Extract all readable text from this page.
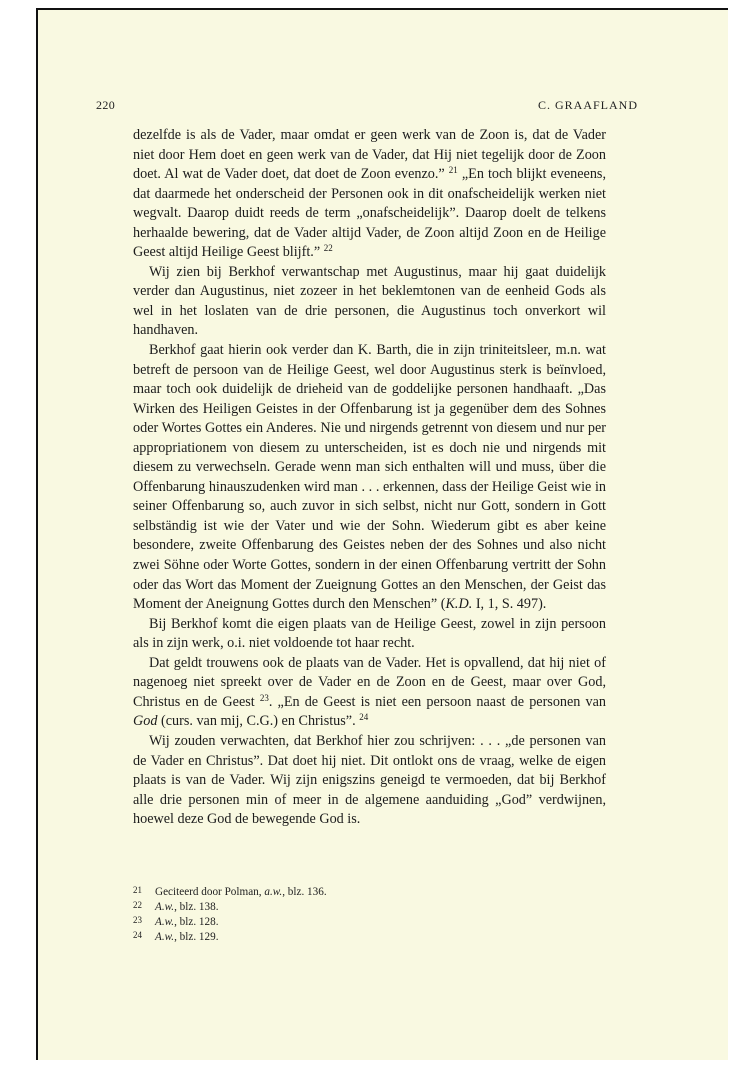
220	C. GRAAFLAND

dezelfde is als de Vader, maar omdat er geen werk van de Zoon is, dat de Vader niet door Hem doet en geen werk van de Vader, dat Hij niet tegelijk door de Zoon doet. Al wat de Vader doet, dat doet de Zoon evenzo.” $^{21}$ „En toch blijkt eveneens, dat daarmede het onderscheid der Personen ook in dit onafscheidelijk werken niet wegvalt. Daarop duidt reeds de term „onafscheidelijk”. Daarop doelt de telkens herhaalde bewering, dat de Vader altijd Vader, de Zoon altijd Zoon en de Heilige Geest altijd Heilige Geest blijft.” $^{22}$

Wij zien bij Berkhof verwantschap met Augustinus, maar hij gaat duidelijk verder dan Augustinus, niet zozeer in het beklemtonen van de eenheid Gods als wel in het loslaten van de drie personen, die Augustinus toch onverkort wil handhaven.

Berkhof gaat hierin ook verder dan K. Barth, die in zijn triniteitsleer, m.n. wat betreft de persoon van de Heilige Geest, wel door Augustinus sterk is beïnvloed, maar toch ook duidelijk de drieheid van de goddelijke personen handhaaft. „Das Wirken des Heiligen Geistes in der Offenbarung ist ja gegenüber dem des Sohnes oder Wortes Gottes ein Anderes. Nie und nirgends getrennt von diesem und nur per appropriationem von diesem zu unterscheiden, ist es doch nie und nirgends mit diesem zu verwechseln. Gerade wenn man sich enthalten will und muss, über die Offenbarung hinauszudenken wird man . . . erkennen, dass der Heilige Geist wie in seiner Offenbarung so, auch zuvor in sich selbst, nicht nur Gott, sondern in Gott selbständig ist wie der Vater und wie der Sohn. Wiederum gibt es aber keine besondere, zweite Offenbarung des Geistes neben der des Sohnes und also nicht zwei Söhne oder Worte Gottes, sondern in der einen Offenbarung vertritt der Sohn oder das Wort das Moment der Zueignung Gottes an den Menschen, der Geist das Moment der Aneignung Gottes durch den Menschen” (K.D. I, 1, S. 497).

Bij Berkhof komt die eigen plaats van de Heilige Geest, zowel in zijn persoon als in zijn werk, o.i. niet voldoende tot haar recht.

Dat geldt trouwens ook de plaats van de Vader. Het is opvallend, dat hij niet of nagenoeg niet spreekt over de Vader en de Zoon en de Geest, maar over God, Christus en de Geest $^{23}$. „En de Geest is niet een persoon naast de personen van God (curs. van mij, C.G.) en Christus”. $^{24}$

Wij zouden verwachten, dat Berkhof hier zou schrijven: . . . „de personen van de Vader en Christus”. Dat doet hij niet. Dit ontlokt ons de vraag, welke de eigen plaats is van de Vader. Wij zijn enigszins geneigd te vermoeden, dat bij Berkhof alle drie personen min of meer in de algemene aanduiding „God” verdwijnen, hoewel deze God de bewegende God is.

21 Geciteerd door Polman, a.w., blz. 136.
22 A.w., blz. 138.
23 A.w., blz. 128.
24 A.w., blz. 129.
